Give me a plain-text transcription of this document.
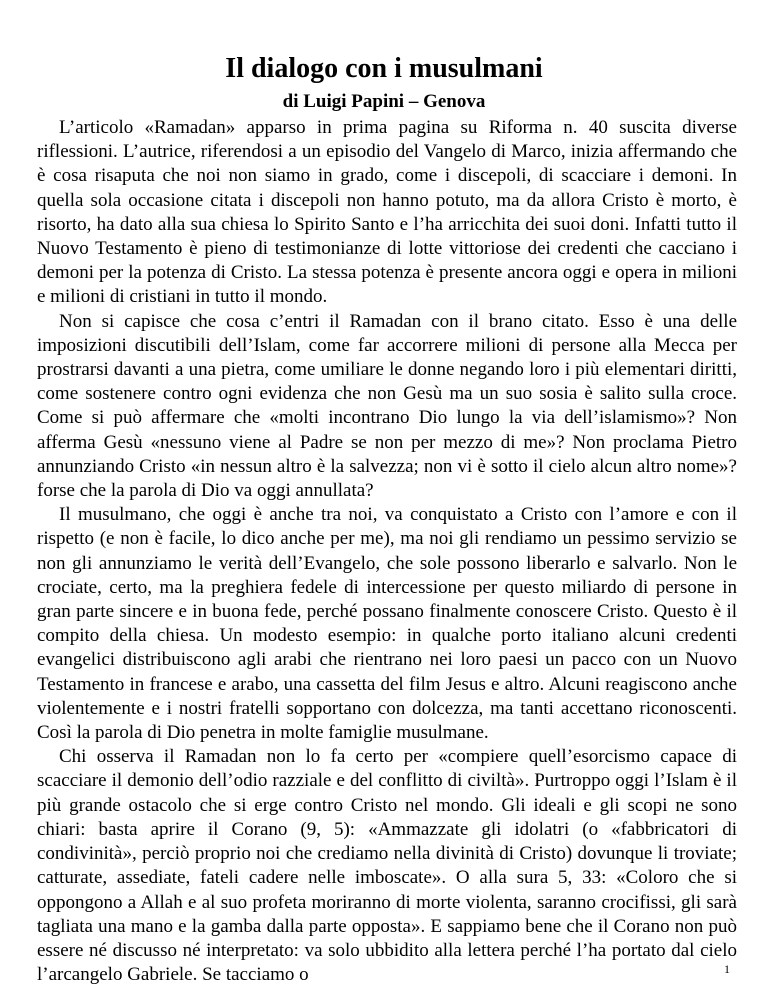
Il dialogo con i musulmani
di Luigi Papini – Genova

L’articolo «Ramadan» apparso in prima pagina su Riforma n. 40 suscita diverse riflessioni. L’autrice, riferendosi a un episodio del Vangelo di Marco, inizia affermando che è cosa risaputa che noi non siamo in grado, come i discepoli, di scacciare i demoni. In quella sola occasione citata i discepoli non hanno potuto, ma da allora Cristo è morto, è risorto, ha dato alla sua chiesa lo Spirito Santo e l’ha arricchita dei suoi doni. Infatti tutto il Nuovo Testamento è pieno di testimonianze di lotte vittoriose dei credenti che cacciano i demoni per la potenza di Cristo. La stessa potenza è presente ancora oggi e opera in milioni e milioni di cristiani in tutto il mondo.

Non si capisce che cosa c’entri il Ramadan con il brano citato. Esso è una delle imposizioni discutibili dell’Islam, come far accorrere milioni di persone alla Mecca per prostrarsi davanti a una pietra, come umiliare le donne negando loro i più elementari diritti, come sostenere contro ogni evidenza che non Gesù ma un suo sosia è salito sulla croce. Come si può affermare che «molti incontrano Dio lungo la via dell’islamismo»? Non afferma Gesù «nessuno viene al Padre se non per mezzo di me»? Non proclama Pietro annunziando Cristo «in nessun altro è la salvezza; non vi è sotto il cielo alcun altro nome»? forse che la parola di Dio va oggi annullata?

Il musulmano, che oggi è anche tra noi, va conquistato a Cristo con l’amore e con il rispetto (e non è facile, lo dico anche per me), ma noi gli rendiamo un pessimo servizio se non gli annunziamo le verità dell’Evangelo, che sole possono liberarlo e salvarlo. Non le crociate, certo, ma la preghiera fedele di intercessione per questo miliardo di persone in gran parte sincere e in buona fede, perché possano finalmente conoscere Cristo. Questo è il compito della chiesa. Un modesto esempio: in qualche porto italiano alcuni credenti evangelici distribuiscono agli arabi che rientrano nei loro paesi un pacco con un Nuovo Testamento in francese e arabo, una cassetta del film Jesus e altro. Alcuni reagiscono anche violentemente e i nostri fratelli sopportano con dolcezza, ma tanti accettano riconoscenti. Così la parola di Dio penetra in molte famiglie musulmane.

Chi osserva il Ramadan non lo fa certo per «compiere quell’esorcismo capace di scacciare il demonio dell’odio razziale e del conflitto di civiltà». Purtroppo oggi l’Islam è il più grande ostacolo che si erge contro Cristo nel mondo. Gli ideali e gli scopi ne sono chiari: basta aprire il Corano (9, 5): «Ammazzate gli idolatri (o «fabbricatori di condivinità», perciò proprio noi che crediamo nella divinità di Cristo) dovunque li troviate; catturate, assediate, fateli cadere nelle imboscate». O alla sura 5, 33: «Coloro che si oppongono a Allah e al suo profeta moriranno di morte violenta, saranno crocifissi, gli sarà tagliata una mano e la gamba dalla parte opposta». E sappiamo bene che il Corano non può essere né discusso né interpretato: va solo ubbidito alla lettera perché l’ha portato dal cielo l’arcangelo Gabriele. Se tacciamo o	1
